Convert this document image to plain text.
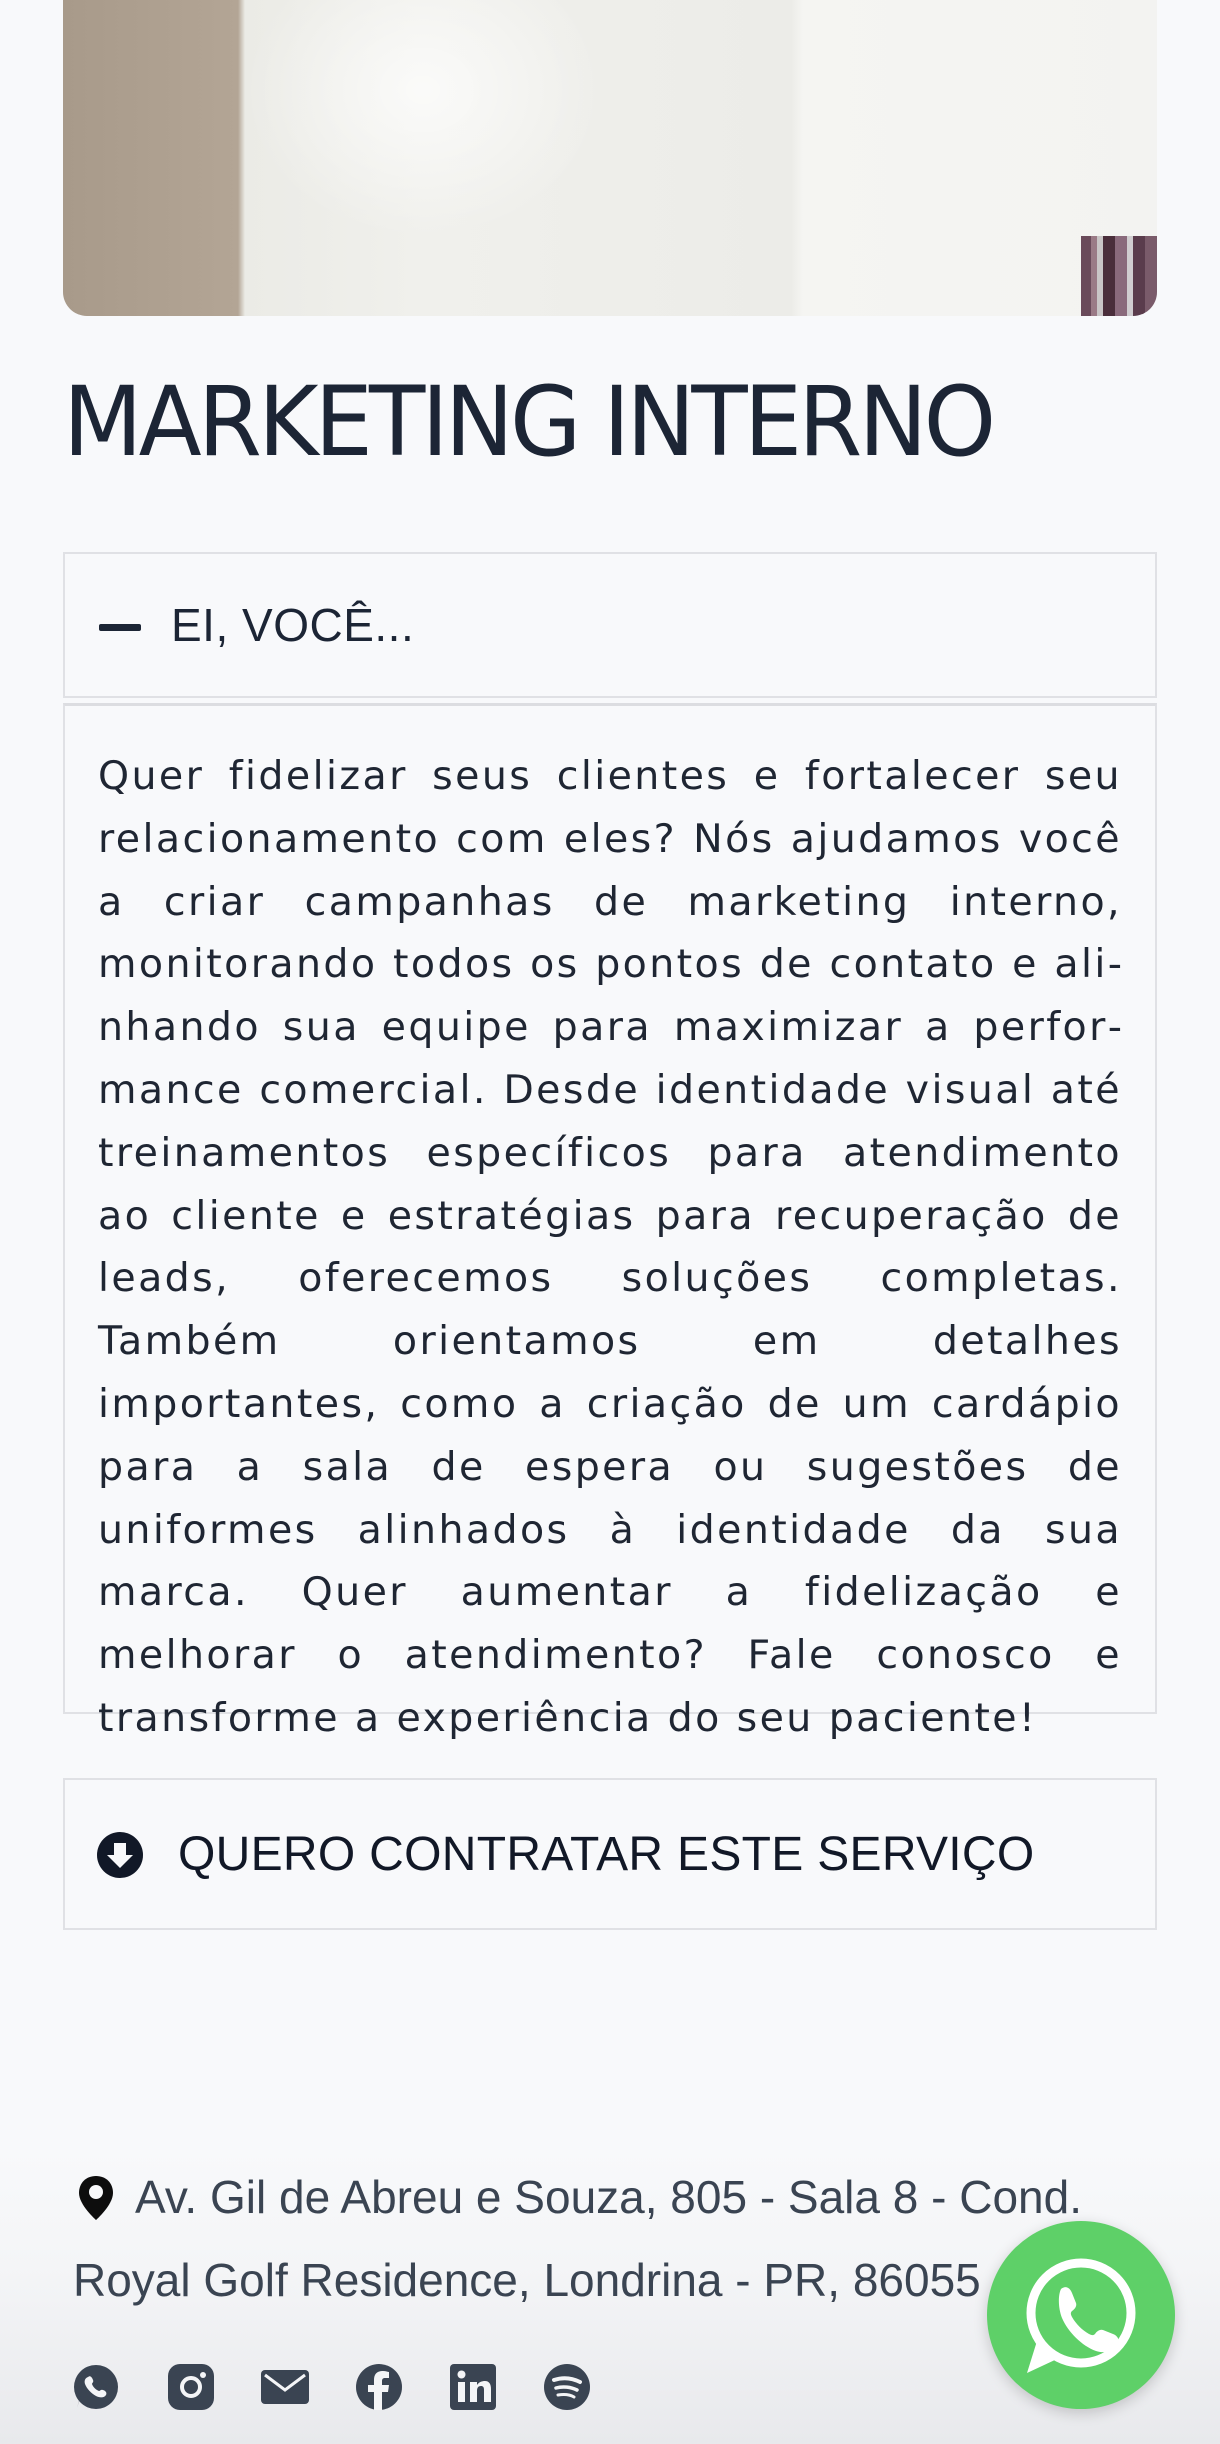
MARKETING INTERNO
EI, VOCÊ...

Quer fidelizar seus clientes e fortalecer seu relacionamento com eles? Nós ajudamos você a criar campanhas de marketing interno, monitorando todos os pontos de contato e alinhando sua equipe para maximizar a performance comercial. Desde identidade visual até treinamentos específicos para atendimento ao cliente e estratégias para recuperação de leads, oferecemos soluções completas. Também orientamos em detalhes importantes, como a criação de um cardápio para a sala de espera ou sugestões de uniformes alinhados à identidade da sua marca. Quer aumentar a fidelização e melhorar o atendimento? Fale conosco e transforme a experiência do seu paciente!

QUERO CONTRATAR ESTE SERVIÇO

Av. Gil de Abreu e Souza, 805 - Sala 8 - Cond. Royal Golf Residence, Londrina - PR, 86055
